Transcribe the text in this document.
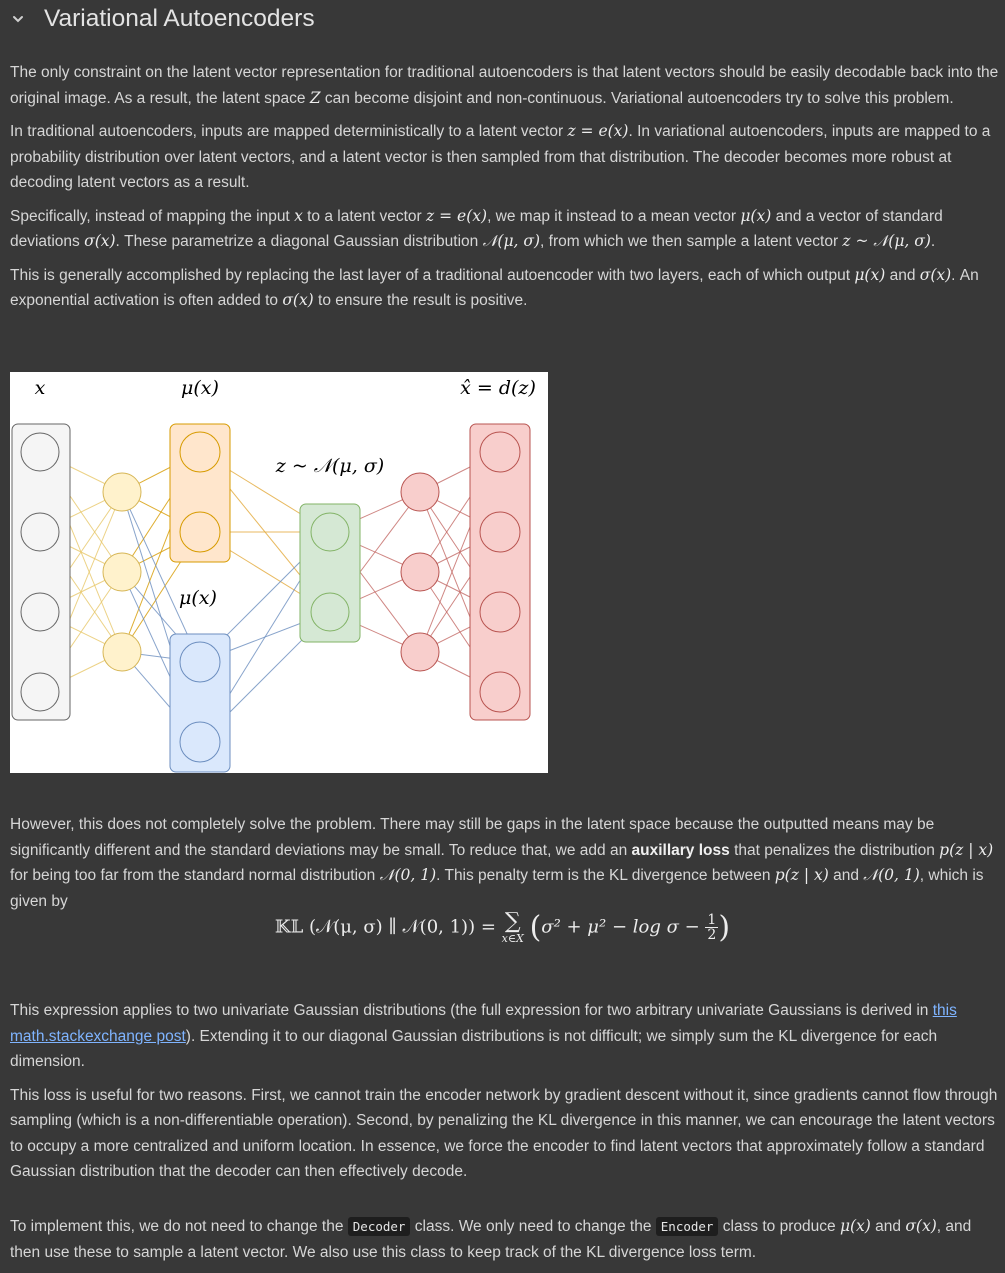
Variational Autoencoders

The only constraint on the latent vector representation for traditional autoencoders is that latent vectors should be easily decodable back into the original image. As a result, the latent space Z can become disjoint and non-continuous. Variational autoencoders try to solve this problem.

In traditional autoencoders, inputs are mapped deterministically to a latent vector z = e(x). In variational autoencoders, inputs are mapped to a probability distribution over latent vectors, and a latent vector is then sampled from that distribution. The decoder becomes more robust at decoding latent vectors as a result.

Specifically, instead of mapping the input x to a latent vector z = e(x), we map it instead to a mean vector μ(x) and a vector of standard deviations σ(x). These parametrize a diagonal Gaussian distribution 𝒩(μ, σ), from which we then sample a latent vector z ~ 𝒩(μ, σ).

This is generally accomplished by replacing the last layer of a traditional autoencoder with two layers, each of which output μ(x) and σ(x). An exponential activation is often added to σ(x) to ensure the result is positive.

x	μ(x)
μ(x)
z ~ 𝒩(μ, σ)
x̂ = d(z)

However, this does not completely solve the problem. There may still be gaps in the latent space because the outputted means may be significantly different and the standard deviations may be small. To reduce that, we add an auxillary loss that penalizes the distribution p(z | x) for being too far from the standard normal distribution 𝒩(0, 1). This penalty term is the KL divergence between p(z | x) and 𝒩(0, 1), which is given by

𝕂𝕃 (𝒩(μ, σ) ∥ 𝒩(0, 1)) = ∑
x∈X ($\sigma^2 + \mu^2 - \log \sigma - \frac{1}{2}$ )

This expression applies to two univariate Gaussian distributions (the full expression for two arbitrary univariate Gaussians is derived in this math.stackexchange post). Extending it to our diagonal Gaussian distributions is not difficult; we simply sum the KL divergence for each dimension.

This loss is useful for two reasons. First, we cannot train the encoder network by gradient descent without it, since gradients cannot flow through sampling (which is a non-differentiable operation). Second, by penalizing the KL divergence in this manner, we can encourage the latent vectors to occupy a more centralized and uniform location. In essence, we force the encoder to find latent vectors that approximately follow a standard Gaussian distribution that the decoder can then effectively decode.

To implement this, we do not need to change the Decoder class. We only need to change the Encoder class to produce μ(x) and σ(x), and then use these to sample a latent vector. We also use this class to keep track of the KL divergence loss term.
